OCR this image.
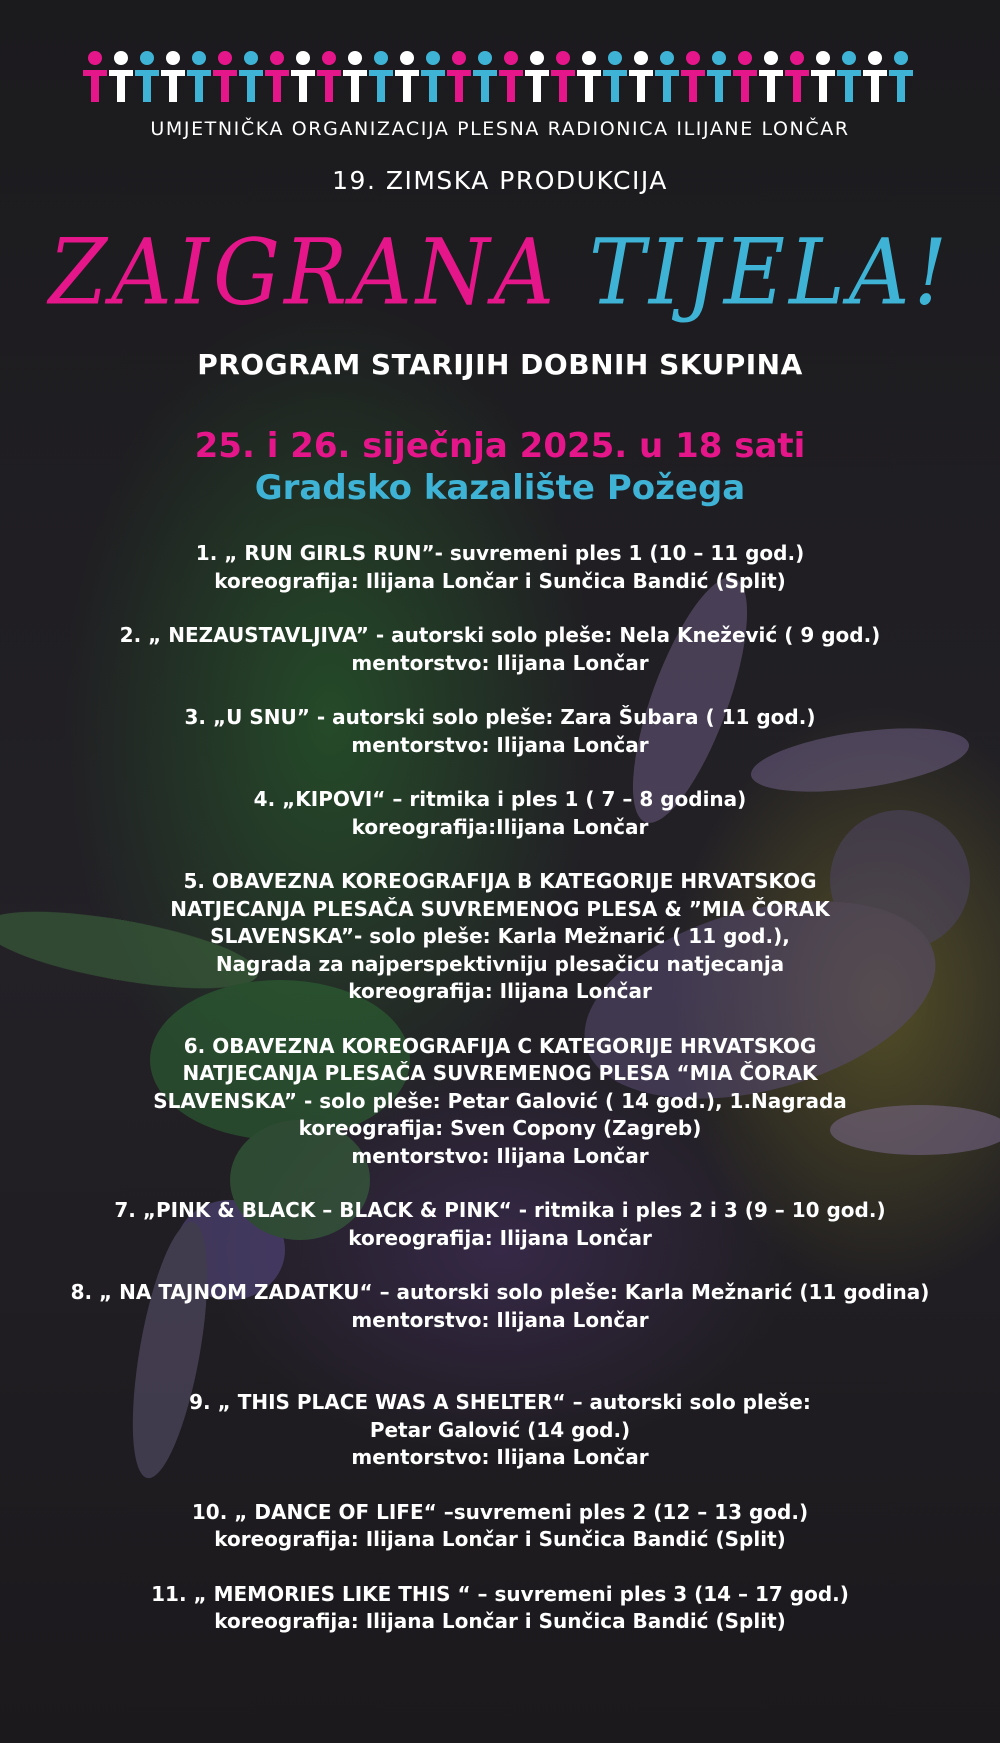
UMJETNIČKA ORGANIZACIJA PLESNA RADIONICA ILIJANE LONČAR
19. ZIMSKA PRODUKCIJA
ZAIGRANA TIJELA!
PROGRAM STARIJIH DOBNIH SKUPINA
25. i 26. siječnja 2025. u 18 sati
Gradsko kazalište Požega
1. „ RUN GIRLS RUN”- suvremeni ples 1 (10 – 11 god.)
koreografija: Ilijana Lončar i Sunčica Bandić (Split)
2. „ NEZAUSTAVLJIVA” - autorski solo pleše: Nela Knežević ( 9 god.)
mentorstvo: Ilijana Lončar
3. „U SNU” - autorski solo pleše: Zara Šubara ( 11 god.)
mentorstvo: Ilijana Lončar
4. „KIPOVI“ – ritmika i ples 1 ( 7 – 8 godina)
koreografija:Ilijana Lončar
5. OBAVEZNA KOREOGRAFIJA B KATEGORIJE HRVATSKOG
NATJECANJA PLESAČA SUVREMENOG PLESA & ”MIA ČORAK
SLAVENSKA”- solo pleše: Karla Mežnarić ( 11 god.),
Nagrada za najperspektivniju plesačicu natjecanja
koreografija: Ilijana Lončar
6. OBAVEZNA KOREOGRAFIJA C KATEGORIJE HRVATSKOG
NATJECANJA PLESAČA SUVREMENOG PLESA “MIA ČORAK
SLAVENSKA” - solo pleše: Petar Galović ( 14 god.), 1.Nagrada
koreografija: Sven Copony (Zagreb)
mentorstvo: Ilijana Lončar
7. „PINK & BLACK – BLACK & PINK“ - ritmika i ples 2 i 3 (9 – 10 god.)
koreografija: Ilijana Lončar
8. „ NA TAJNOM ZADATKU“ – autorski solo pleše: Karla Mežnarić (11 godina)
mentorstvo: Ilijana Lončar
9. „ THIS PLACE WAS A SHELTER“ – autorski solo pleše:
Petar Galović (14 god.)
mentorstvo: Ilijana Lončar
10. „ DANCE OF LIFE“ –suvremeni ples 2 (12 – 13 god.)
koreografija: Ilijana Lončar i Sunčica Bandić (Split)
11. „ MEMORIES LIKE THIS “ – suvremeni ples 3 (14 – 17 god.)
koreografija: Ilijana Lončar i Sunčica Bandić (Split)
